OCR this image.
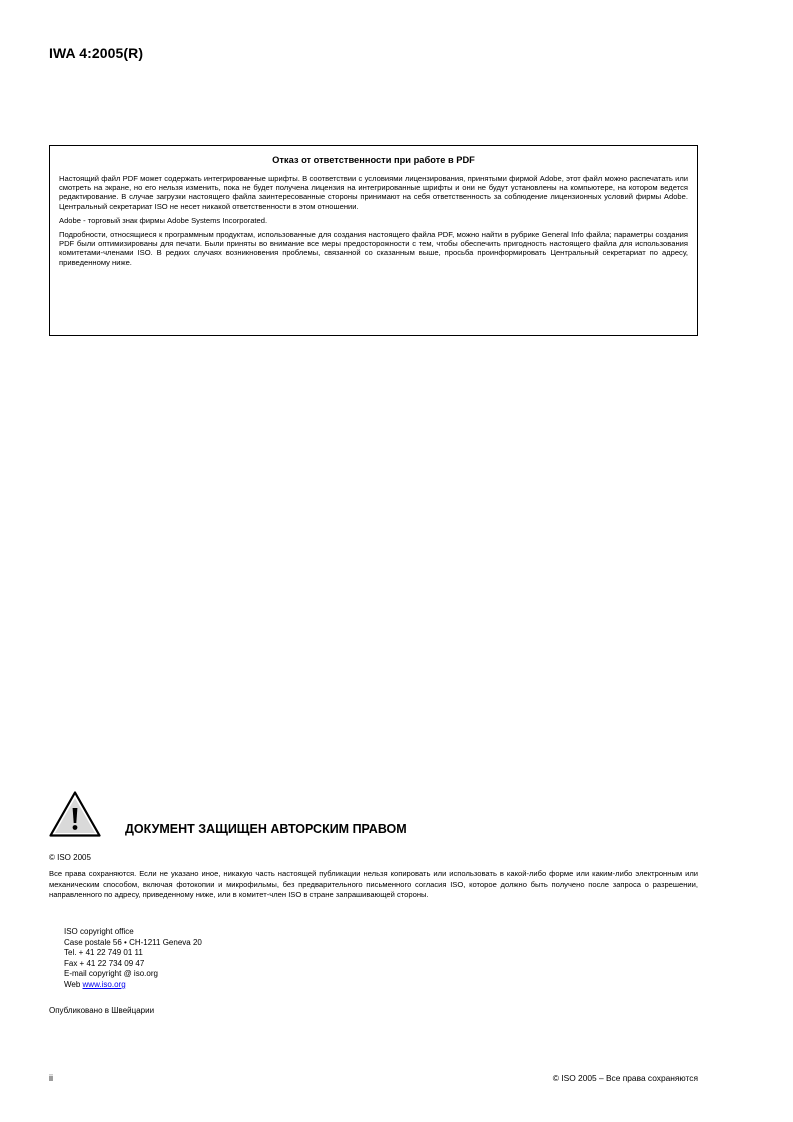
IWA 4:2005(R)
Отказ от ответственности при работе в PDF

Настоящий файл PDF может содержать интегрированные шрифты. В соответствии с условиями лицензирования, принятыми фирмой Adobe, этот файл можно распечатать или смотреть на экране, но его нельзя изменить, пока не будет получена лицензия на интегрированные шрифты и они не будут установлены на компьютере, на котором ведется редактирование. В случае загрузки настоящего файла заинтересованные стороны принимают на себя ответственность за соблюдение лицензионных условий фирмы Adobe. Центральный секретариат ISO не несет никакой ответственности в этом отношении.

Adobe - торговый знак фирмы Adobe Systems Incorporated.

Подробности, относящиеся к программным продуктам, использованные для создания настоящего файла PDF, можно найти в рубрике General Info файла; параметры создания PDF были оптимизированы для печати. Были приняты во внимание все меры предосторожности с тем, чтобы обеспечить пригодность настоящего файла для использования комитетами-членами ISO. В редких случаях возникновения проблемы, связанной со сказанным выше, просьба проинформировать Центральный секретариат по адресу, приведенному ниже.

ДОКУМЕНТ ЗАЩИЩЕН АВТОРСКИМ ПРАВОМ
© ISO 2005

Все права сохраняются. Если не указано иное, никакую часть настоящей публикации нельзя копировать или использовать в какой-либо форме или каким-либо электронным или механическим способом, включая фотокопии и микрофильмы, без предварительного письменного согласия ISO, которое должно быть получено после запроса о разрешении, направленного по адресу, приведенному ниже, или в комитет-член ISO в стране запрашивающей стороны.

ISO copyright office
Case postale 56 • CH-1211 Geneva 20
Tel. + 41 22 749 01 11
Fax + 41 22 734 09 47
E-mail copyright @ iso.org
Web www.iso.org
Опубликовано в Швейцарии
ii	© ISO 2005 – Все права сохраняются
